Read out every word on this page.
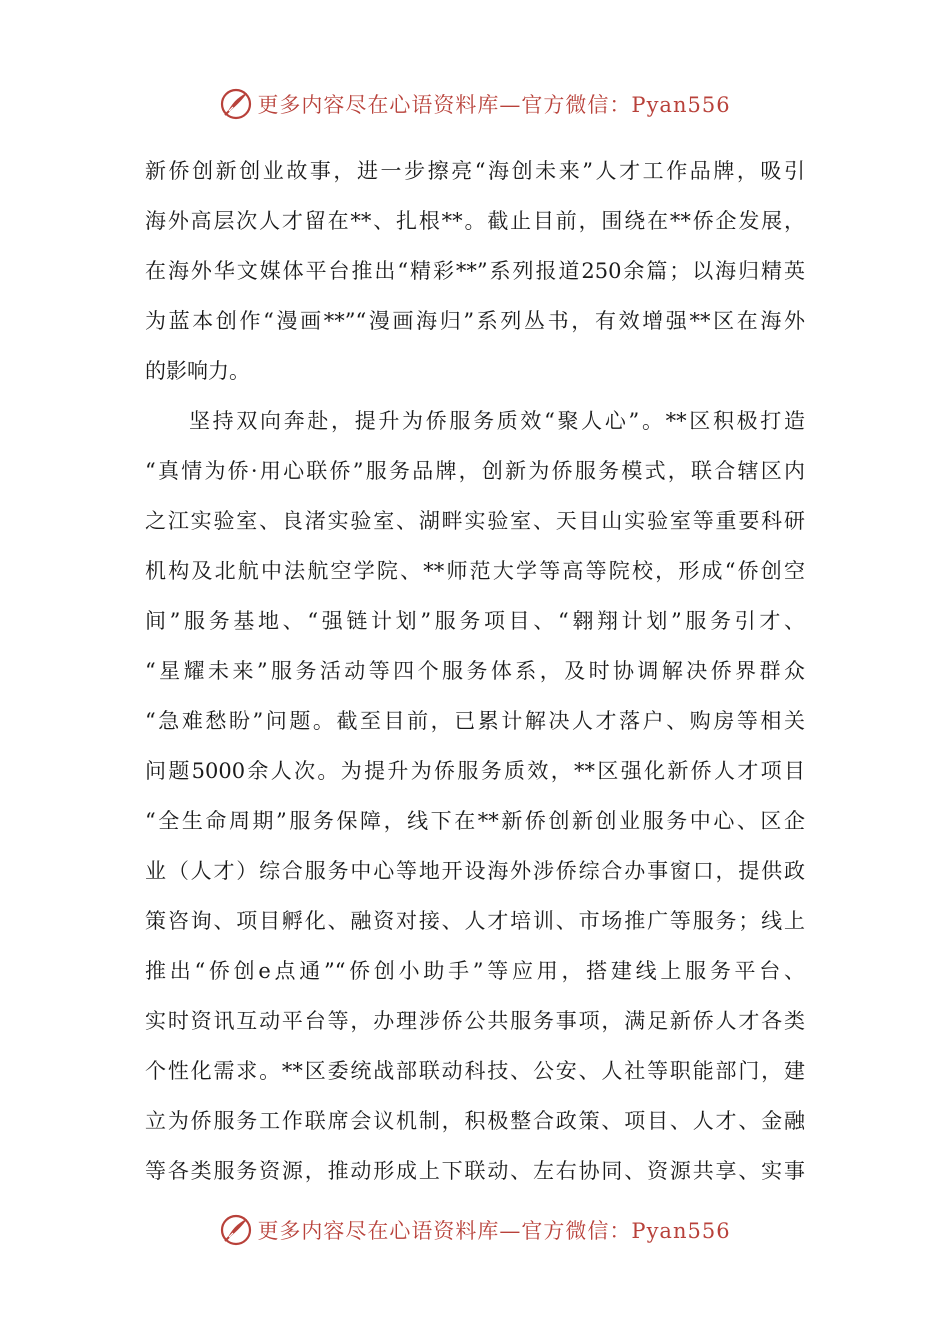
更多内容尽在心语资料库—官方微信：Pyan556
新侨创新创业故事，进一步擦亮“海创未来”人才工作品牌，吸引
海外高层次人才留在**、扎根**。截止目前，围绕在**侨企发展，
在海外华文媒体平台推出“精彩**”系列报道250余篇；以海归精英
为蓝本创作“漫画**”“漫画海归”系列丛书，有效增强**区在海外
的影响力。
坚持双向奔赴，提升为侨服务质效“聚人心”。**区积极打造
“真情为侨·用心联侨”服务品牌，创新为侨服务模式，联合辖区内
之江实验室、良渚实验室、湖畔实验室、天目山实验室等重要科研
机构及北航中法航空学院、**师范大学等高等院校，形成“侨创空
间”服务基地、“强链计划”服务项目、“翱翔计划”服务引才、
“星耀未来”服务活动等四个服务体系，及时协调解决侨界群众
“急难愁盼”问题。截至目前，已累计解决人才落户、购房等相关
问题5000余人次。为提升为侨服务质效，**区强化新侨人才项目
“全生命周期”服务保障，线下在**新侨创新创业服务中心、区企
业（人才）综合服务中心等地开设海外涉侨综合办事窗口，提供政
策咨询、项目孵化、融资对接、人才培训、市场推广等服务；线上
推出“侨创e点通”“侨创小助手”等应用，搭建线上服务平台、
实时资讯互动平台等，办理涉侨公共服务事项，满足新侨人才各类
个性化需求。**区委统战部联动科技、公安、人社等职能部门，建
立为侨服务工作联席会议机制，积极整合政策、项目、人才、金融
等各类服务资源，推动形成上下联动、左右协同、资源共享、实事
更多内容尽在心语资料库—官方微信：Pyan556
